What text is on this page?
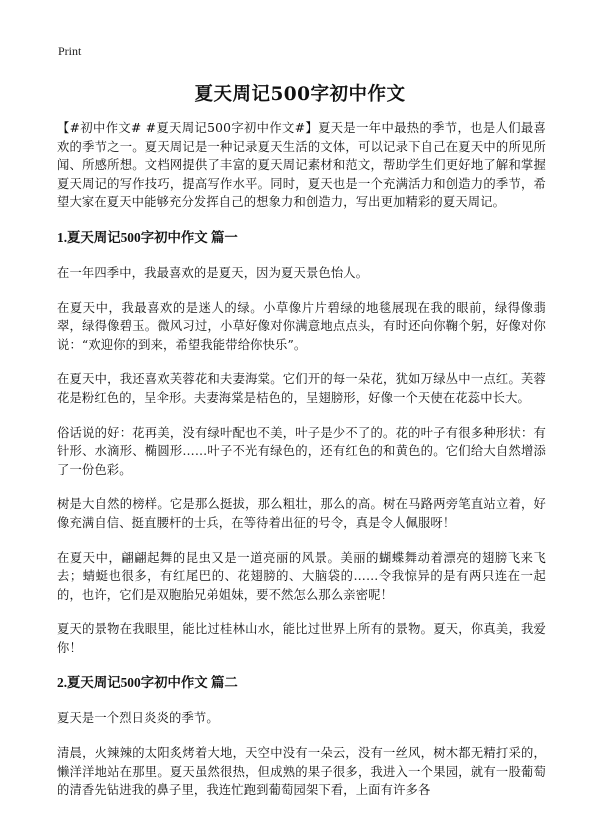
Print
夏天周记500字初中作文

【#初中作文# #夏天周记500字初中作文#】夏天是一年中最热的季节，也是人们最喜欢的季节之一。夏天周记是一种记录夏天生活的文体，可以记录下自己在夏天中的所见所闻、所感所想。文档网提供了丰富的夏天周记素材和范文，帮助学生们更好地了解和掌握夏天周记的写作技巧，提高写作水平。同时，夏天也是一个充满活力和创造力的季节，希望大家在夏天中能够充分发挥自己的想象力和创造力，写出更加精彩的夏天周记。

1.夏天周记500字初中作文 篇一

在一年四季中，我最喜欢的是夏天，因为夏天景色怡人。

在夏天中，我最喜欢的是迷人的绿。小草像片片碧绿的地毯展现在我的眼前，绿得像翡翠，绿得像碧玉。微风习过，小草好像对你满意地点点头，有时还向你鞠个躬，好像对你说：“欢迎你的到来，希望我能带给你快乐”。

在夏天中，我还喜欢芙蓉花和夫妻海棠。它们开的每一朵花，犹如万绿丛中一点红。芙蓉花是粉红色的，呈伞形。夫妻海棠是桔色的，呈翅膀形，好像一个天使在花蕊中长大。

俗话说的好：花再美，没有绿叶配也不美，叶子是少不了的。花的叶子有很多种形状：有针形、水滴形、椭圆形……叶子不光有绿色的，还有红色的和黄色的。它们给大自然增添了一份色彩。

树是大自然的榜样。它是那么挺拔，那么粗壮，那么的高。树在马路两旁笔直站立着，好像充满自信、挺直腰杆的士兵，在等待着出征的号令，真是令人佩服呀！

在夏天中，翩翩起舞的昆虫又是一道亮丽的风景。美丽的蝴蝶舞动着漂亮的翅膀飞来飞去；蜻蜓也很多，有红尾巴的、花翅膀的、大脑袋的……令我惊异的是有两只连在一起的，也许，它们是双胞胎兄弟姐妹，要不然怎么那么亲密呢！

夏天的景物在我眼里，能比过桂林山水，能比过世界上所有的景物。夏天，你真美，我爱你！

2.夏天周记500字初中作文 篇二

夏天是一个烈日炎炎的季节。

清晨，火辣辣的太阳炙烤着大地，天空中没有一朵云，没有一丝风，树木都无精打采的，懒洋洋地站在那里。夏天虽然很热，但成熟的果子很多，我进入一个果园，就有一股葡萄的清香先钻进我的鼻子里，我连忙跑到葡萄园架下看，上面有许多各
